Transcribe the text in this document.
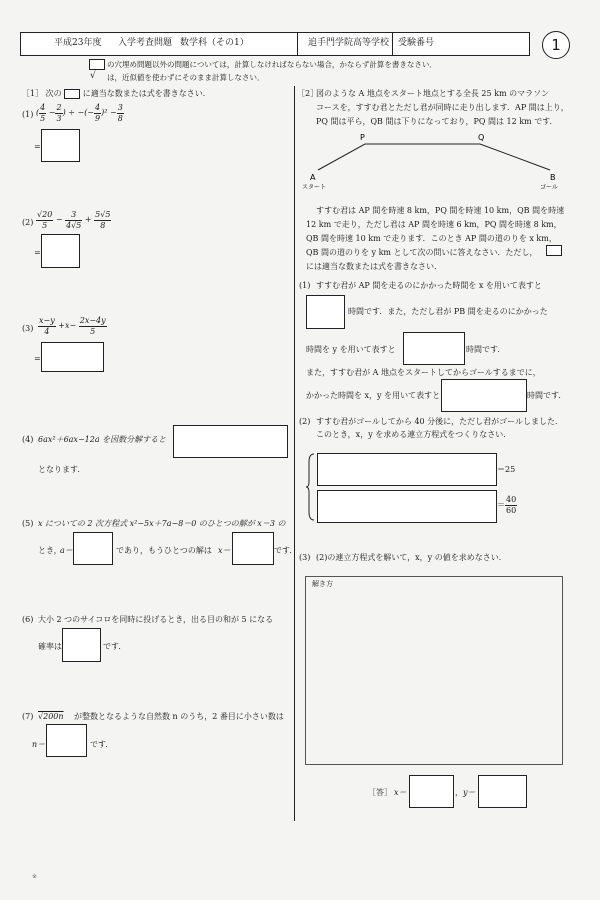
平成23年度 入学考査問題 数学科（その1）	追手門学院高等学校 受験番号	1
の穴埋め問題以外の問題については，計算しなければならない場合，かならず計算を書きなさい．
√ は，近似値を使わずにそのまま計算しなさい．
［1］ 次の	に適当な数または式を書きなさい．
(1) ( $\frac{4}{5} - \frac{2}{3}$ ) ÷ −(− $\frac{4}{9} )^2 - \frac{3}{8}$
=
$(2) \frac{√20}{5} - \frac{3}{4√5} + \frac{5√5}{8}$
=
$(3) \frac{x-y}{4} +x- \frac{2x-4y}{5}$
=
(4) 6ax²＋6ax−12a を因数分解すると
となります．
(5) x についての 2 次方程式 x²−5x＋7a−8＝0 のひとつの解が x＝3 の
とき，
a＝	であり，もうひとつの解は x＝	です．
(6) 大小 2 つのサイコロを同時に投げるとき，出る目の和が 5 になる
確率は	です．
(7) √200n が整数となるような自然数 n のうち，2 番目に小さい数は
n＝	です．
［2］
図のような A 地点をスタート地点とする全長 25 km のマラソン
コースを，すすむ君とただし君が同時に走り出します．AP 間は上り，
PQ 間は平ら，QB 間は下りになっており，PQ 間は 12 km です．
P	Q
A	B
スタート	ゴール
すすむ君は AP 間を時速 8 km，PQ 間を時速 10 km，QB 間を時速
12 km で走り，ただし君は AP 間を時速 6 km，PQ 間を時速 8 km，
QB 間を時速 10 km で走ります．このとき AP 間の道のりを x km，
QB 間の道のりを y km として次の問いに答えなさい．ただし，
には適当な数または式を書きなさい．
(1) すすむ君が AP 間を走るのにかかった時間を x を用いて表すと
時間です．また，ただし君が PB 間を走るのにかかった
時間を y を用いて表すと	時間です．
また，すすむ君が A 地点をスタートしてからゴールするまでに，
かかった時間を x，y を用いて表すと	時間です．
(2) すすむ君がゴールしてから 40 分後に，ただし君がゴールしました．
このとき，x，y を求める連立方程式をつくりなさい．
＝25
＝ $\frac{40}{60}$
(3) (2)の連立方程式を解いて，x，y の値を求めなさい．
解き方
［答］ x＝	， y＝
※
